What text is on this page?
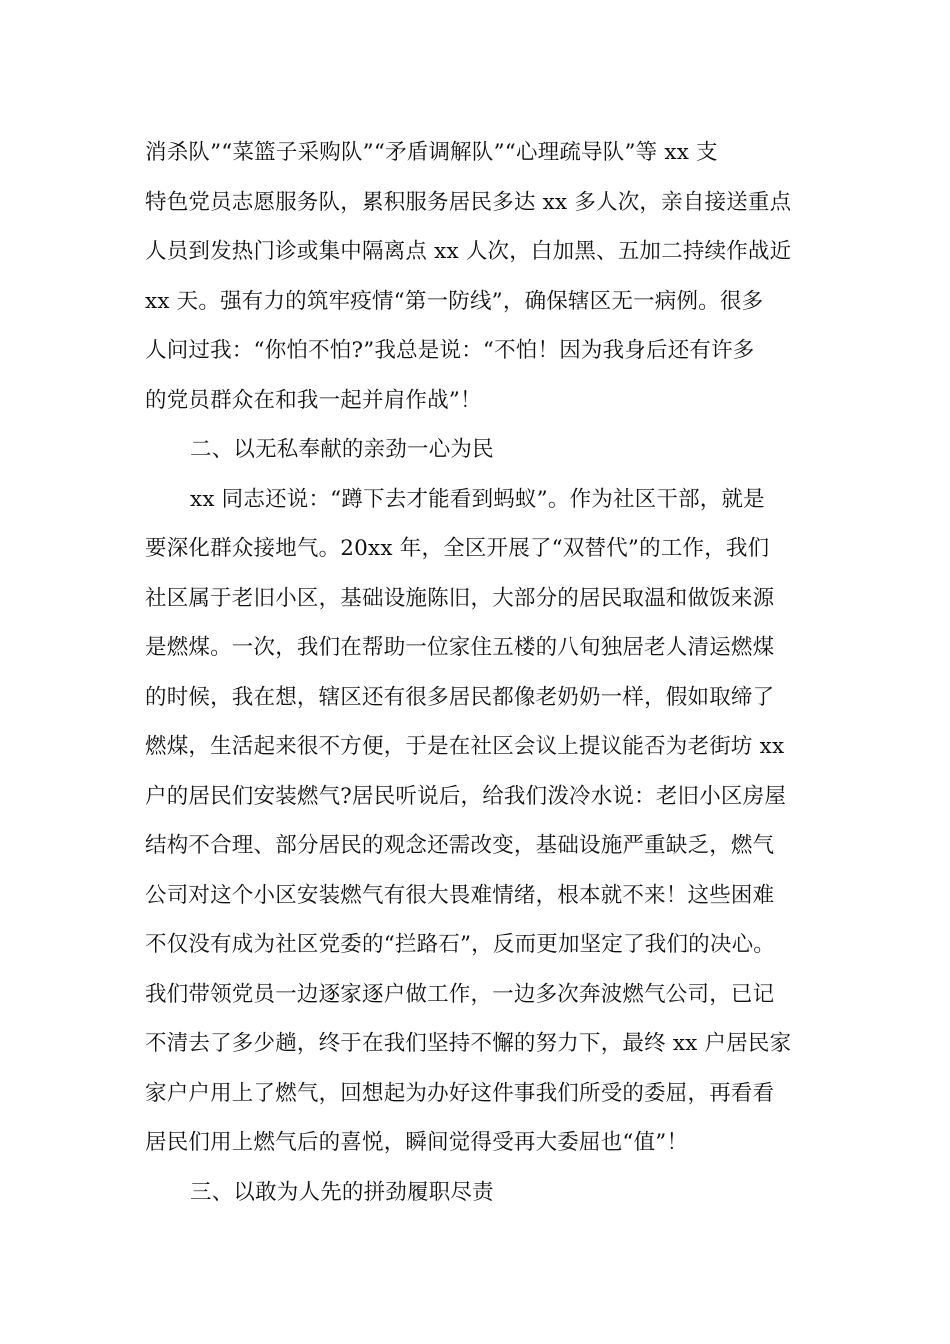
消杀队”“菜篮子采购队”“矛盾调解队”“心理疏导队”等 xx 支
特色党员志愿服务队，累积服务居民多达 xx 多人次，亲自接送重点
人员到发热门诊或集中隔离点 xx 人次，白加黑、五加二持续作战近
xx 天。强有力的筑牢疫情“第一防线”，确保辖区无一病例。很多
人问过我：“你怕不怕?”我总是说：“不怕！因为我身后还有许多
的党员群众在和我一起并肩作战”！
二、以无私奉献的亲劲一心为民
xx 同志还说：“蹲下去才能看到蚂蚁”。作为社区干部，就是
要深化群众接地气。20xx 年，全区开展了“双替代”的工作，我们
社区属于老旧小区，基础设施陈旧，大部分的居民取温和做饭来源
是燃煤。一次，我们在帮助一位家住五楼的八旬独居老人清运燃煤
的时候，我在想，辖区还有很多居民都像老奶奶一样，假如取缔了
燃煤，生活起来很不方便，于是在社区会议上提议能否为老街坊 xx
户的居民们安装燃气?居民听说后，给我们泼冷水说：老旧小区房屋
结构不合理、部分居民的观念还需改变，基础设施严重缺乏，燃气
公司对这个小区安装燃气有很大畏难情绪，根本就不来！这些困难
不仅没有成为社区党委的“拦路石”，反而更加坚定了我们的决心。
我们带领党员一边逐家逐户做工作，一边多次奔波燃气公司，已记
不清去了多少趟，终于在我们坚持不懈的努力下，最终 xx 户居民家
家户户用上了燃气，回想起为办好这件事我们所受的委屈，再看看
居民们用上燃气后的喜悦，瞬间觉得受再大委屈也“值”！
三、以敢为人先的拼劲履职尽责
